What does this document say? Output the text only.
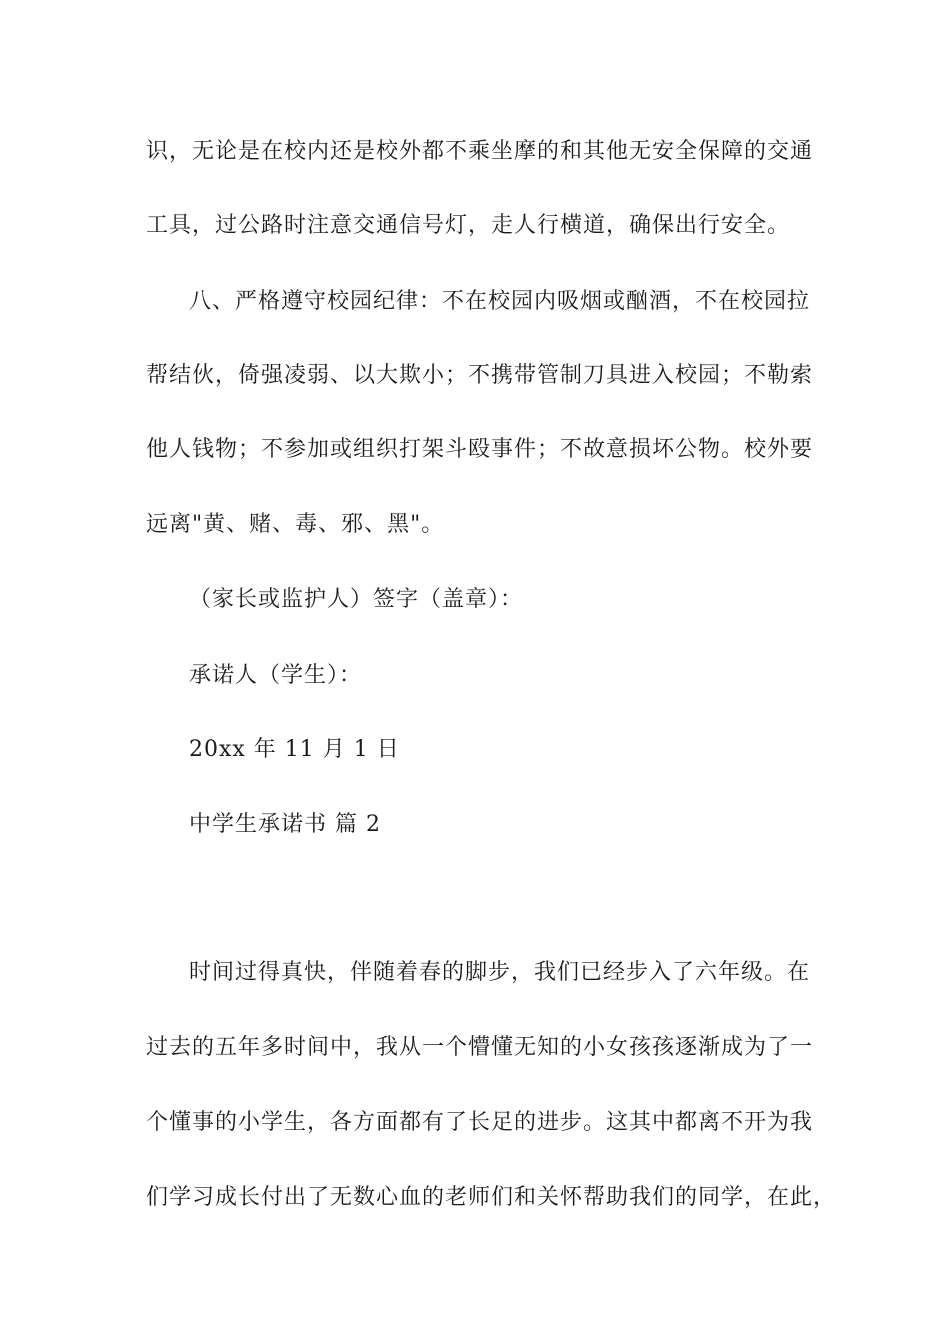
识，无论是在校内还是校外都不乘坐摩的和其他无安全保障的交通
工具，过公路时注意交通信号灯，走人行横道，确保出行安全。
八、严格遵守校园纪律：不在校园内吸烟或酗酒，不在校园拉
帮结伙，倚强凌弱、以大欺小；不携带管制刀具进入校园；不勒索
他人钱物；不参加或组织打架斗殴事件；不故意损坏公物。校外要
远离"黄、赌、毒、邪、黑"。
（家长或监护人）签字（盖章）：
承诺人（学生）：
20xx 年 11 月 1 日
中学生承诺书 篇 2
时间过得真快，伴随着春的脚步，我们已经步入了六年级。在
过去的五年多时间中，我从一个懵懂无知的小女孩孩逐渐成为了一
个懂事的小学生，各方面都有了长足的进步。这其中都离不开为我
们学习成长付出了无数心血的老师们和关怀帮助我们的同学，在此，
